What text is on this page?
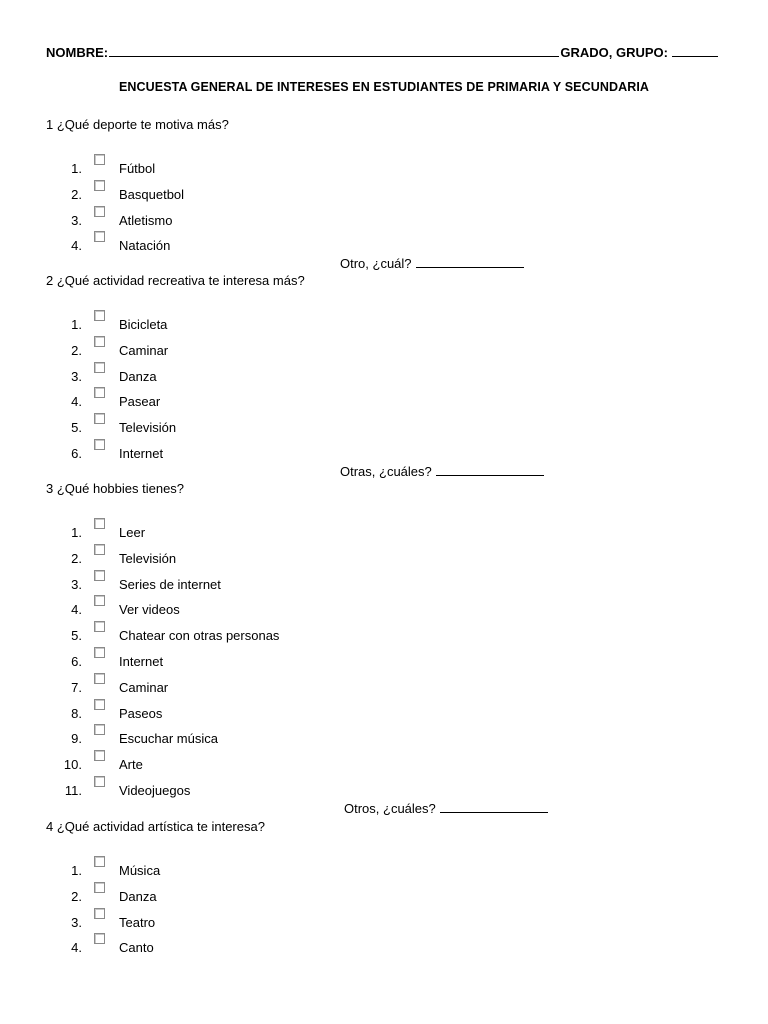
NOMBRE:	GRADO, GRUPO:
ENCUESTA GENERAL DE INTERESES EN ESTUDIANTES DE PRIMARIA Y SECUNDARIA
1 ¿Qué deporte te motiva más?
1.	Fútbol
2.	Basquetbol
3.	Atletismo
4.	Natación
Otro, ¿cuál?
2 ¿Qué actividad recreativa te interesa más?
1.	Bicicleta
2.	Caminar
3.	Danza
4.	Pasear
5.	Televisión
6.	Internet
Otras, ¿cuáles?
3 ¿Qué hobbies tienes?
1.	Leer
2.	Televisión
3.	Series de internet
4.	Ver videos
5.	Chatear con otras personas
6.	Internet
7.	Caminar
8.	Paseos
9.	Escuchar música
10.	Arte
11.	Videojuegos
Otros, ¿cuáles?
4 ¿Qué actividad artística te interesa?
1.	Música
2.	Danza
3.	Teatro
4.	Canto
